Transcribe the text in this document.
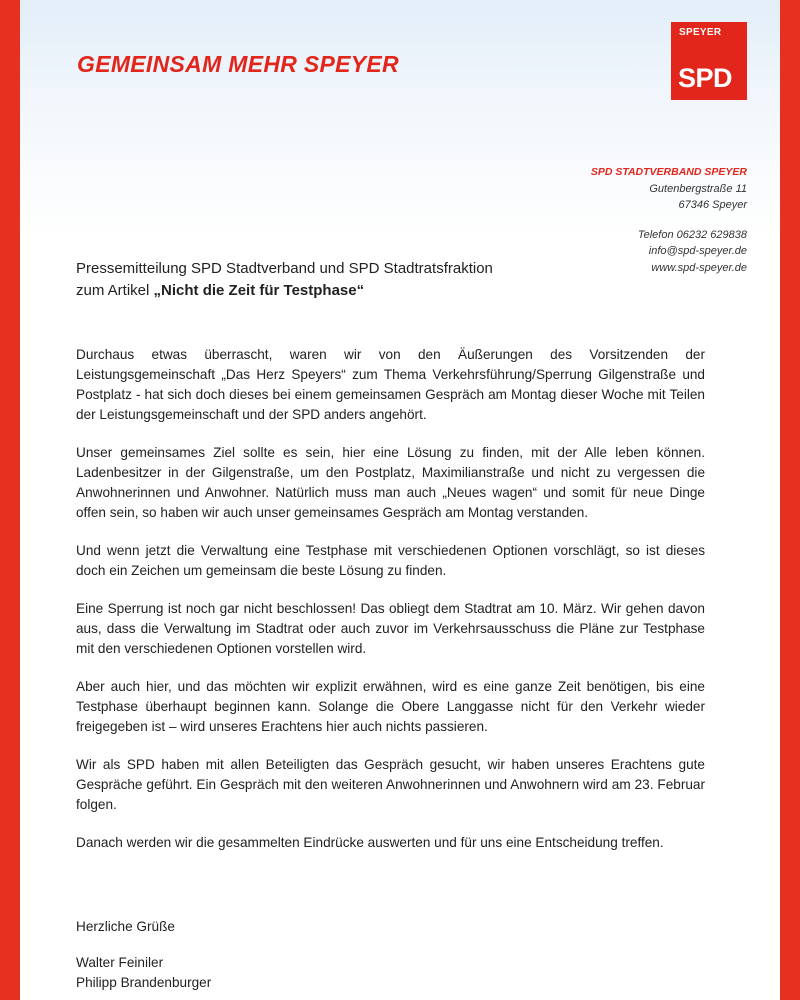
GEMEINSAM MEHR SPEYER
SPEYER
SPD
SPD STADTVERBAND SPEYER
Gutenbergstraße 11
67346 Speyer
Telefon 06232 629838
info@spd-speyer.de
www.spd-speyer.de
Pressemitteilung SPD Stadtverband und SPD Stadtratsfraktion
zum Artikel „Nicht die Zeit für Testphase“

Durchaus etwas überrascht, waren wir von den Äußerungen des Vorsitzenden der Leistungsgemeinschaft „Das Herz Speyers“ zum Thema Verkehrsführung/Sperrung Gilgenstraße und Postplatz - hat sich doch dieses bei einem gemeinsamen Gespräch am Montag dieser Woche mit Teilen der Leistungsgemeinschaft und der SPD anders angehört.

Unser gemeinsames Ziel sollte es sein, hier eine Lösung zu finden, mit der Alle leben können. Ladenbesitzer in der Gilgenstraße, um den Postplatz, Maximilianstraße und nicht zu vergessen die Anwohnerinnen und Anwohner. Natürlich muss man auch „Neues wagen“ und somit für neue Dinge offen sein, so haben wir auch unser gemeinsames Gespräch am Montag verstanden.

Und wenn jetzt die Verwaltung eine Testphase mit verschiedenen Optionen vorschlägt, so ist dieses doch ein Zeichen um gemeinsam die beste Lösung zu finden.

Eine Sperrung ist noch gar nicht beschlossen! Das obliegt dem Stadtrat am 10. März. Wir gehen davon aus, dass die Verwaltung im Stadtrat oder auch zuvor im Verkehrsausschuss die Pläne zur Testphase mit den verschiedenen Optionen vorstellen wird.

Aber auch hier, und das möchten wir explizit erwähnen, wird es eine ganze Zeit benötigen, bis eine Testphase überhaupt beginnen kann. Solange die Obere Langgasse nicht für den Verkehr wieder freigegeben ist – wird unseres Erachtens hier auch nichts passieren.

Wir als SPD haben mit allen Beteiligten das Gespräch gesucht, wir haben unseres Erachtens gute Gespräche geführt. Ein Gespräch mit den weiteren Anwohnerinnen und Anwohnern wird am 23. Februar folgen.

Danach werden wir die gesammelten Eindrücke auswerten und für uns eine Entscheidung treffen.

Herzliche Grüße
Walter Feiniler
Philipp Brandenburger
